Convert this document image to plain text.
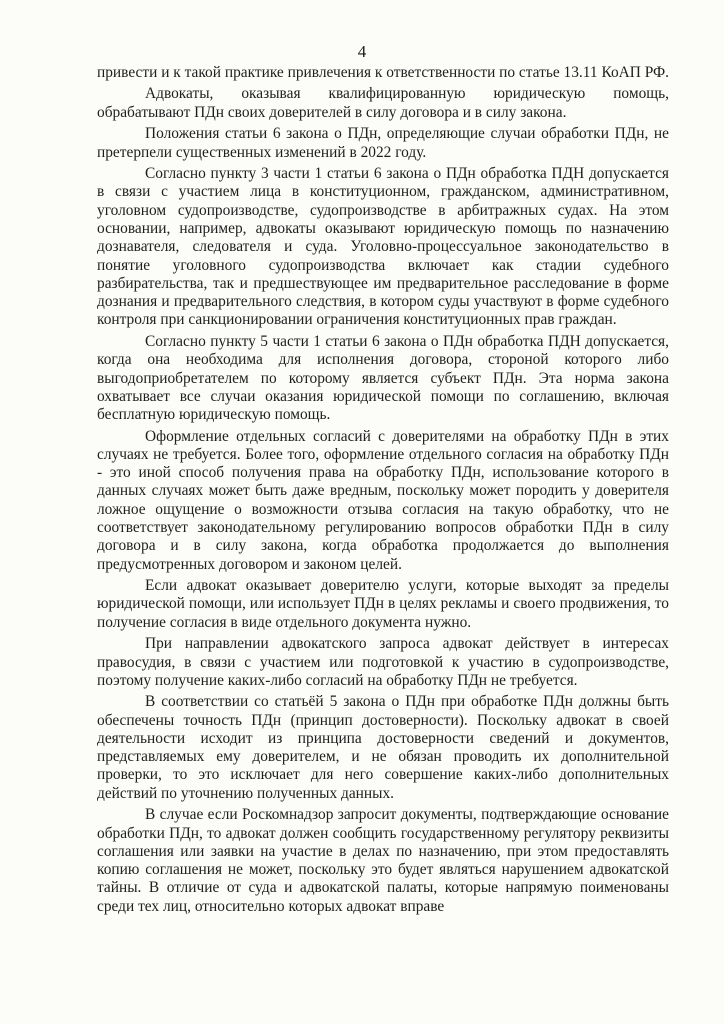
4

привести и к такой практике привлечения к ответственности по статье 13.11 КоАП РФ.

Адвокаты, оказывая квалифицированную юридическую помощь, обрабатывают ПДн своих доверителей в силу договора и в силу закона.

Положения статьи 6 закона о ПДн, определяющие случаи обработки ПДн, не претерпели существенных изменений в 2022 году.

Согласно пункту 3 части 1 статьи 6 закона о ПДн обработка ПДН допускается в связи с участием лица в конституционном, гражданском, административном, уголовном судопроизводстве, судопроизводстве в арбитражных судах. На этом основании, например, адвокаты оказывают юридическую помощь по назначению дознавателя, следователя и суда. Уголовно-процессуальное законодательство в понятие уголовного судопроизводства включает как стадии судебного разбирательства, так и предшествующее им предварительное расследование в форме дознания и предварительного следствия, в котором суды участвуют в форме судебного контроля при санкционировании ограничения конституционных прав граждан.

Согласно пункту 5 части 1 статьи 6 закона о ПДн обработка ПДН допускается, когда она необходима для исполнения договора, стороной которого либо выгодоприобретателем по которому является субъект ПДн. Эта норма закона охватывает все случаи оказания юридической помощи по соглашению, включая бесплатную юридическую помощь.

Оформление отдельных согласий с доверителями на обработку ПДн в этих случаях не требуется. Более того, оформление отдельного согласия на обработку ПДн - это иной способ получения права на обработку ПДн, использование которого в данных случаях может быть даже вредным, поскольку может породить у доверителя ложное ощущение о возможности отзыва согласия на такую обработку, что не соответствует законодательному регулированию вопросов обработки ПДн в силу договора и в силу закона, когда обработка продолжается до выполнения предусмотренных договором и законом целей.

Если адвокат оказывает доверителю услуги, которые выходят за пределы юридической помощи, или использует ПДн в целях рекламы и своего продвижения, то получение согласия в виде отдельного документа нужно.

При направлении адвокатского запроса адвокат действует в интересах правосудия, в связи с участием или подготовкой к участию в судопроизводстве, поэтому получение каких-либо согласий на обработку ПДн не требуется.

В соответствии со статьёй 5 закона о ПДн при обработке ПДн должны быть обеспечены точность ПДн (принцип достоверности). Поскольку адвокат в своей деятельности исходит из принципа достоверности сведений и документов, представляемых ему доверителем, и не обязан проводить их дополнительной проверки, то это исключает для него совершение каких-либо дополнительных действий по уточнению полученных данных.

В случае если Роскомнадзор запросит документы, подтверждающие основание обработки ПДн, то адвокат должен сообщить государственному регулятору реквизиты соглашения или заявки на участие в делах по назначению, при этом предоставлять копию соглашения не может, поскольку это будет являться нарушением адвокатской тайны. В отличие от суда и адвокатской палаты, которые напрямую поименованы среди тех лиц, относительно которых адвокат вправе
